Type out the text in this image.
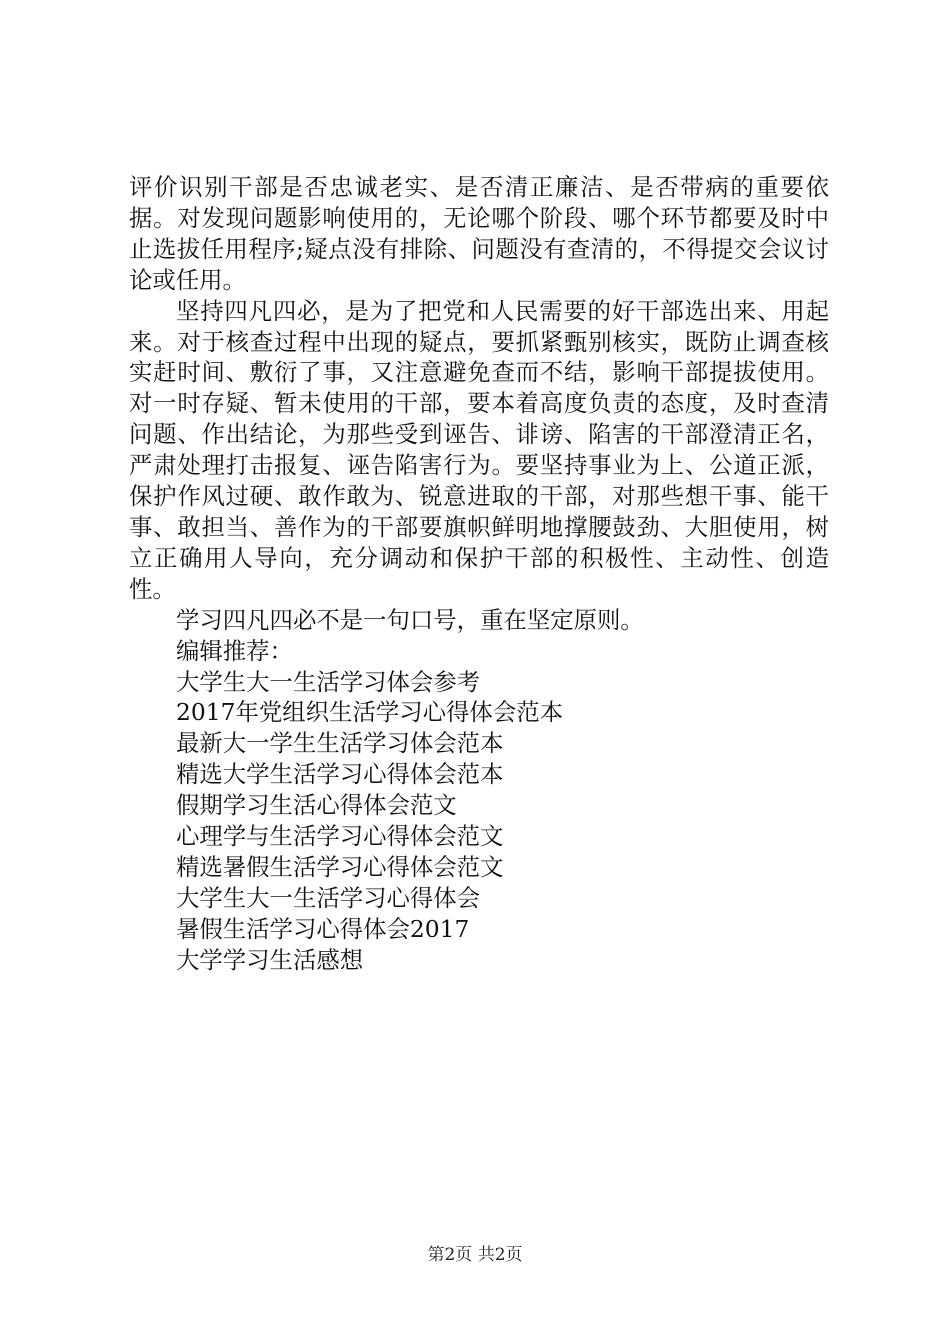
评价识别干部是否忠诚老实、是否清正廉洁、是否带病的重要依据。对发现问题影响使用的，无论哪个阶段、哪个环节都要及时中止选拔任用程序;疑点没有排除、问题没有查清的，不得提交会议讨论或任用。

坚持四凡四必，是为了把党和人民需要的好干部选出来、用起来。对于核查过程中出现的疑点，要抓紧甄别核实，既防止调查核实赶时间、敷衍了事，又注意避免查而不结，影响干部提拔使用。对一时存疑、暂未使用的干部，要本着高度负责的态度，及时查清问题、作出结论，为那些受到诬告、诽谤、陷害的干部澄清正名，严肃处理打击报复、诬告陷害行为。要坚持事业为上、公道正派，保护作风过硬、敢作敢为、锐意进取的干部，对那些想干事、能干事、敢担当、善作为的干部要旗帜鲜明地撑腰鼓劲、大胆使用，树立正确用人导向，充分调动和保护干部的积极性、主动性、创造性。

学习四凡四必不是一句口号，重在坚定原则。

编辑推荐：

大学生大一生活学习体会参考
2017年党组织生活学习心得体会范本
最新大一学生生活学习体会范本
精选大学生活学习心得体会范本
假期学习生活心得体会范文
心理学与生活学习心得体会范文
精选暑假生活学习心得体会范文
大学生大一生活学习心得体会
暑假生活学习心得体会2017
大学学习生活感想
第2页 共2页
